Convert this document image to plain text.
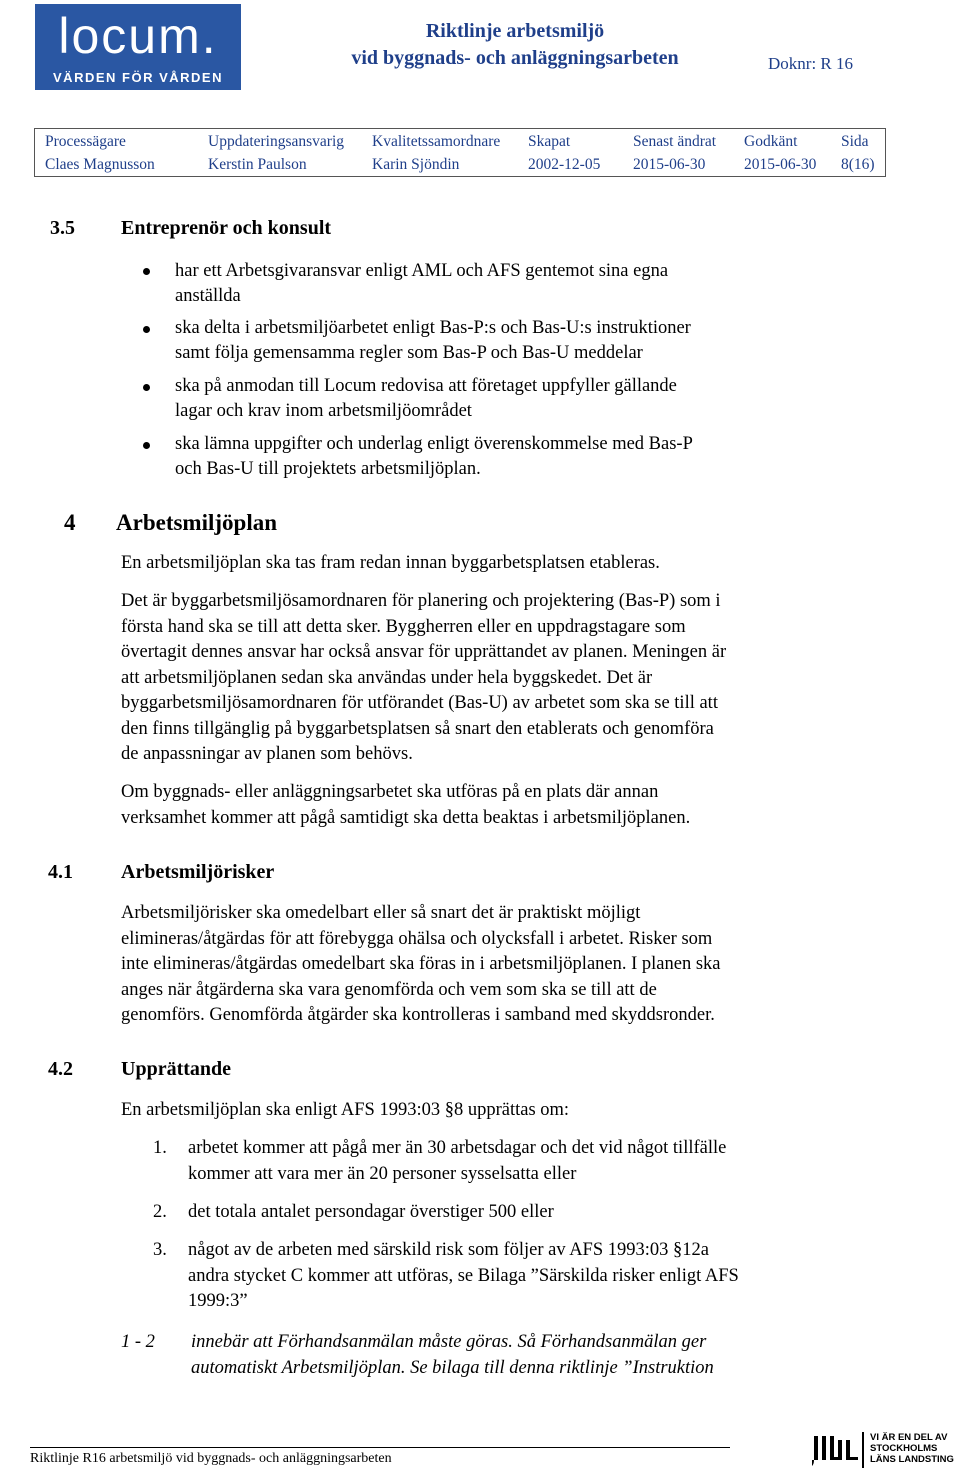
locum.
VÄRDEN FÖR VÅRDEN
Riktlinje arbetsmiljö
vid byggnads- och anläggningsarbeten	Doknr: R 16
Processägare
Claes Magnusson
Uppdateringsansvarig
Kerstin Paulson
Kvalitetssamordnare
Karin Sjöndin
Skapat
2002-12-05
Senast ändrat
2015-06-30
Godkänt
2015-06-30
Sida
8(16)
3.5 Entreprenör och konsult
har ett Arbetsgivaransvar enligt AML och AFS gentemot sina egna
anställda
ska delta i arbetsmiljöarbetet enligt Bas-P:s och Bas-U:s instruktioner
samt följa gemensamma regler som Bas-P och Bas-U meddelar
ska på anmodan till Locum redovisa att företaget uppfyller gällande
lagar och krav inom arbetsmiljöområdet
ska lämna uppgifter och underlag enligt överenskommelse med Bas-P
och Bas-U till projektets arbetsmiljöplan.
4 Arbetsmiljöplan
En arbetsmiljöplan ska tas fram redan innan byggarbetsplatsen etableras.
Det är byggarbetsmiljösamordnaren för planering och projektering (Bas-P) som i
första hand ska se till att detta sker. Byggherren eller en uppdragstagare som
övertagit dennes ansvar har också ansvar för upprättandet av planen. Meningen är
att arbetsmiljöplanen sedan ska användas under hela byggskedet. Det är
byggarbetsmiljösamordnaren för utförandet (Bas-U) av arbetet som ska se till att
den finns tillgänglig på byggarbetsplatsen så snart den etablerats och genomföra
de anpassningar av planen som behövs.
Om byggnads- eller anläggningsarbetet ska utföras på en plats där annan
verksamhet kommer att pågå samtidigt ska detta beaktas i arbetsmiljöplanen.
4.1 Arbetsmiljörisker
Arbetsmiljörisker ska omedelbart eller så snart det är praktiskt möjligt
elimineras/åtgärdas för att förebygga ohälsa och olycksfall i arbetet. Risker som
inte elimineras/åtgärdas omedelbart ska föras in i arbetsmiljöplanen. I planen ska
anges när åtgärderna ska vara genomförda och vem som ska se till att de
genomförs. Genomförda åtgärder ska kontrolleras i samband med skyddsronder.
4.2 Upprättande
En arbetsmiljöplan ska enligt AFS 1993:03 §8 upprättas om:
1. arbetet kommer att pågå mer än 30 arbetsdagar och det vid något tillfälle
kommer att vara mer än 20 personer sysselsatta eller
2. det totala antalet persondagar överstiger 500 eller
3. något av de arbeten med särskild risk som följer av AFS 1993:03 §12a
andra stycket C kommer att utföras, se Bilaga ”Särskilda risker enligt AFS
1999:3”
1 - 2 innebär att Förhandsanmälan måste göras. Så Förhandsanmälan ger
automatiskt Arbetsmiljöplan. Se bilaga till denna riktlinje ”Instruktion
Riktlinje R16 arbetsmiljö vid byggnads- och anläggningsarbeten
VI ÄR EN DEL AV
STOCKHOLMS
LÄNS LANDSTING
